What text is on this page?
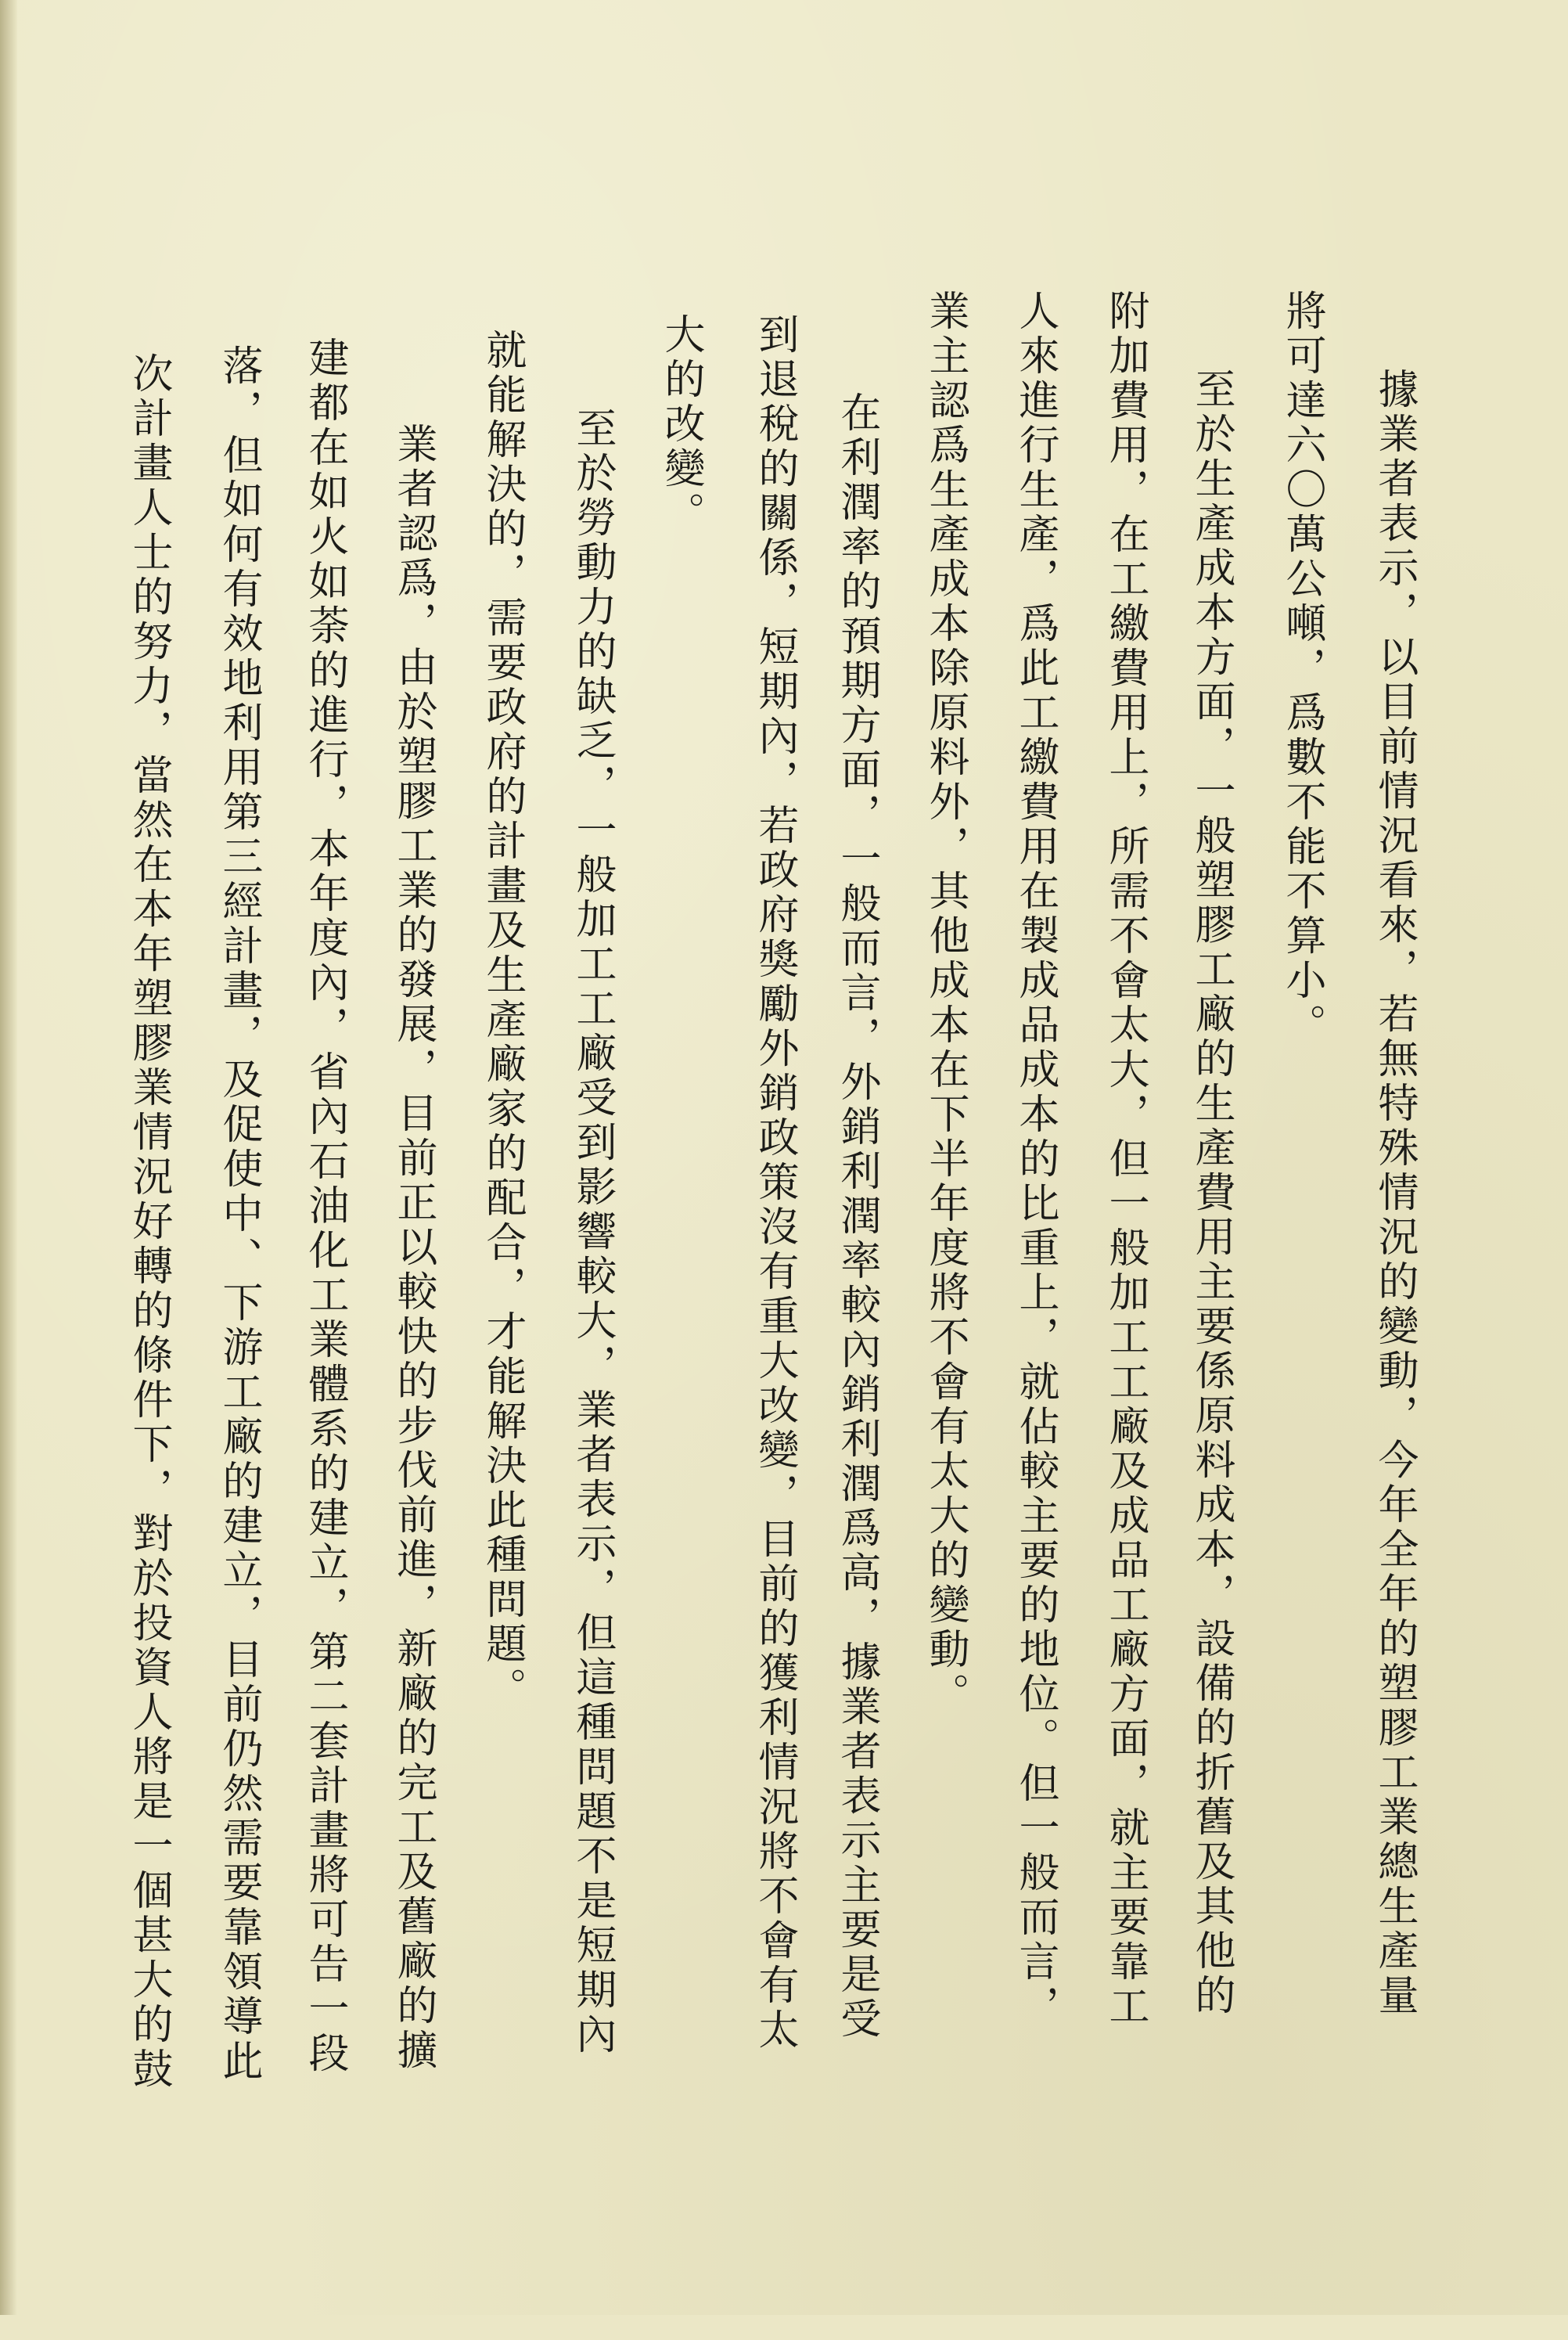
據業者表示，以目前情況看來，若無特殊情況的變動，今年全年的塑膠工業總生產量
將可達六〇萬公噸，爲數不能不算小。
至於生產成本方面，一般塑膠工廠的生產費用主要係原料成本，設備的折舊及其他的
附加費用，在工繳費用上，所需不會太大，但一般加工工廠及成品工廠方面，就主要靠工
人來進行生產，爲此工繳費用在製成品成本的比重上，就佔較主要的地位。但一般而言，
業主認爲生產成本除原料外，其他成本在下半年度將不會有太大的變動。
在利潤率的預期方面，一般而言，外銷利潤率較內銷利潤爲高，據業者表示主要是受
到退稅的關係，短期內，若政府獎勵外銷政策沒有重大改變，目前的獲利情況將不會有太
大的改變。
至於勞動力的缺乏，一般加工工廠受到影響較大，業者表示，但這種問題不是短期內
就能解決的，需要政府的計畫及生產廠家的配合，才能解決此種問題。
業者認爲，由於塑膠工業的發展，目前正以較快的步伐前進，新廠的完工及舊廠的擴
建都在如火如荼的進行，本年度內，省內石油化工業體系的建立，第二套計畫將可告一段
落，但如何有效地利用第三經計畫，及促使中、下游工廠的建立，目前仍然需要靠領導此
次計畫人士的努力，當然在本年塑膠業情況好轉的條件下，對於投資人將是一個甚大的鼓
